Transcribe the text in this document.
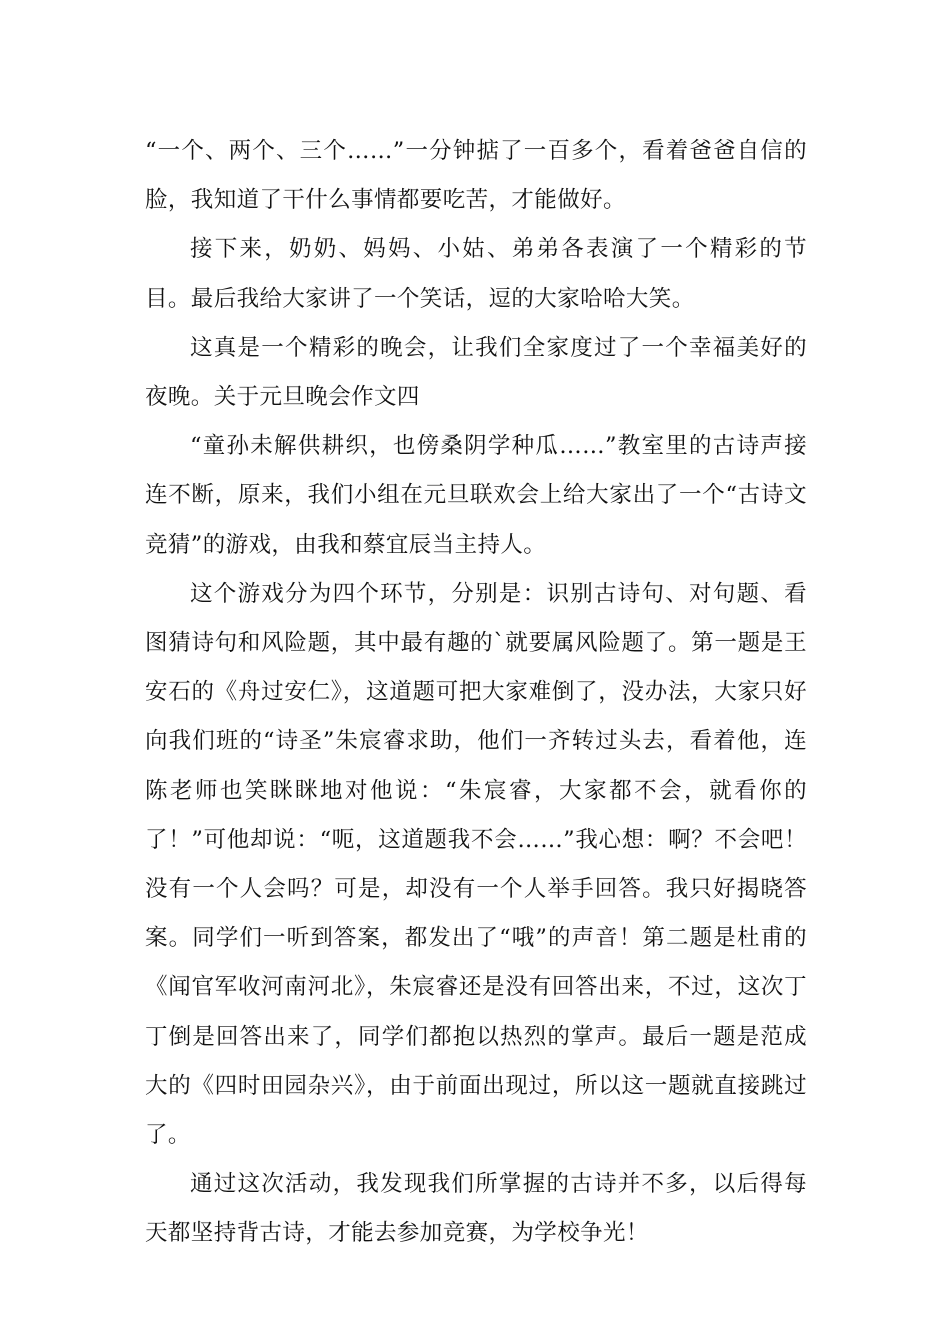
“一个、两个、三个……”一分钟掂了一百多个，看着爸爸自信的脸，我知道了干什么事情都要吃苦，才能做好。

接下来，奶奶、妈妈、小姑、弟弟各表演了一个精彩的节目。最后我给大家讲了一个笑话，逗的大家哈哈大笑。

这真是一个精彩的晚会，让我们全家度过了一个幸福美好的夜晚。关于元旦晚会作文四

“童孙未解供耕织，也傍桑阴学种瓜……”教室里的古诗声接连不断，原来，我们小组在元旦联欢会上给大家出了一个“古诗文竞猜”的游戏，由我和蔡宜辰当主持人。

这个游戏分为四个环节，分别是：识别古诗句、对句题、看图猜诗句和风险题，其中最有趣的`就要属风险题了。第一题是王安石的《舟过安仁》，这道题可把大家难倒了，没办法，大家只好向我们班的“诗圣”朱宸睿求助，他们一齐转过头去，看着他，连陈老师也笑眯眯地对他说：“朱宸睿，大家都不会，就看你的了！”可他却说：“呃，这道题我不会……”我心想：啊？不会吧！没有一个人会吗？可是，却没有一个人举手回答。我只好揭晓答案。同学们一听到答案，都发出了“哦”的声音！第二题是杜甫的《闻官军收河南河北》，朱宸睿还是没有回答出来，不过，这次丁丁倒是回答出来了，同学们都抱以热烈的掌声。最后一题是范成大的《四时田园杂兴》，由于前面出现过，所以这一题就直接跳过了。

通过这次活动，我发现我们所掌握的古诗并不多，以后得每天都坚持背古诗，才能去参加竞赛，为学校争光！
